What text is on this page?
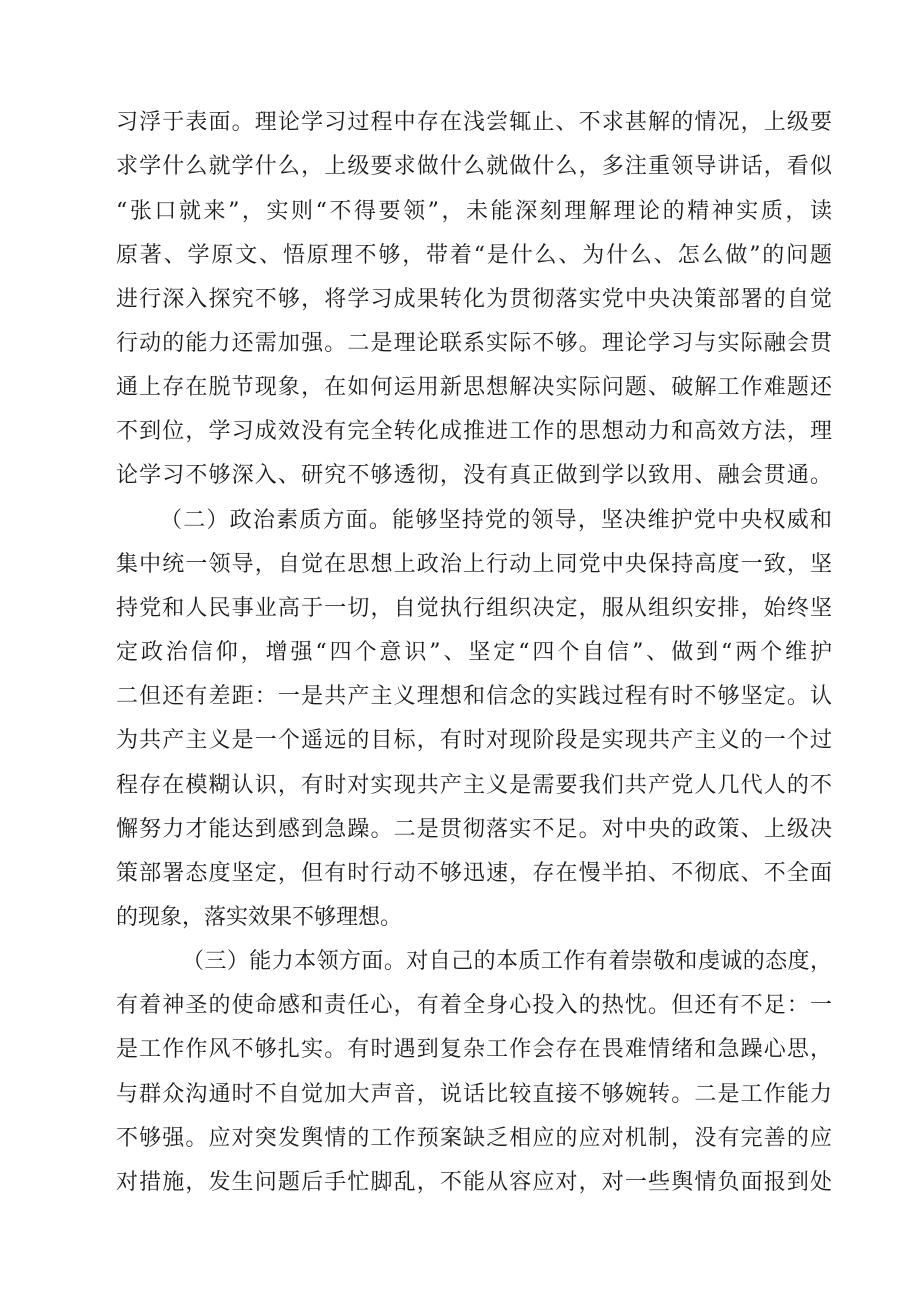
习浮于表面。理论学习过程中存在浅尝辄止、不求甚解的情况，上级要
求学什么就学什么，上级要求做什么就做什么，多注重领导讲话，看似
“张口就来”，实则“不得要领”，未能深刻理解理论的精神实质，读
原著、学原文、悟原理不够，带着“是什么、为什么、怎么做”的问题
进行深入探究不够，将学习成果转化为贯彻落实党中央决策部署的自觉
行动的能力还需加强。二是理论联系实际不够。理论学习与实际融会贯
通上存在脱节现象，在如何运用新思想解决实际问题、破解工作难题还
不到位，学习成效没有完全转化成推进工作的思想动力和高效方法，理
论学习不够深入、研究不够透彻，没有真正做到学以致用、融会贯通。
（二）政治素质方面。能够坚持党的领导，坚决维护党中央权威和
集中统一领导，自觉在思想上政治上行动上同党中央保持高度一致，坚
持党和人民事业高于一切，自觉执行组织决定，服从组织安排，始终坚
定政治信仰，增强“四个意识”、坚定“四个自信”、做到“两个维护
二但还有差距：一是共产主义理想和信念的实践过程有时不够坚定。认
为共产主义是一个遥远的目标，有时对现阶段是实现共产主义的一个过
程存在模糊认识，有时对实现共产主义是需要我们共产党人几代人的不
懈努力才能达到感到急躁。二是贯彻落实不足。对中央的政策、上级决
策部署态度坚定，但有时行动不够迅速，存在慢半拍、不彻底、不全面
的现象，落实效果不够理想。
（三）能力本领方面。对自己的本质工作有着崇敬和虔诚的态度，
有着神圣的使命感和责任心，有着全身心投入的热忱。但还有不足：一
是工作作风不够扎实。有时遇到复杂工作会存在畏难情绪和急躁心思，
与群众沟通时不自觉加大声音，说话比较直接不够婉转。二是工作能力
不够强。应对突发舆情的工作预案缺乏相应的应对机制，没有完善的应
对措施，发生问题后手忙脚乱，不能从容应对，对一些舆情负面报到处
